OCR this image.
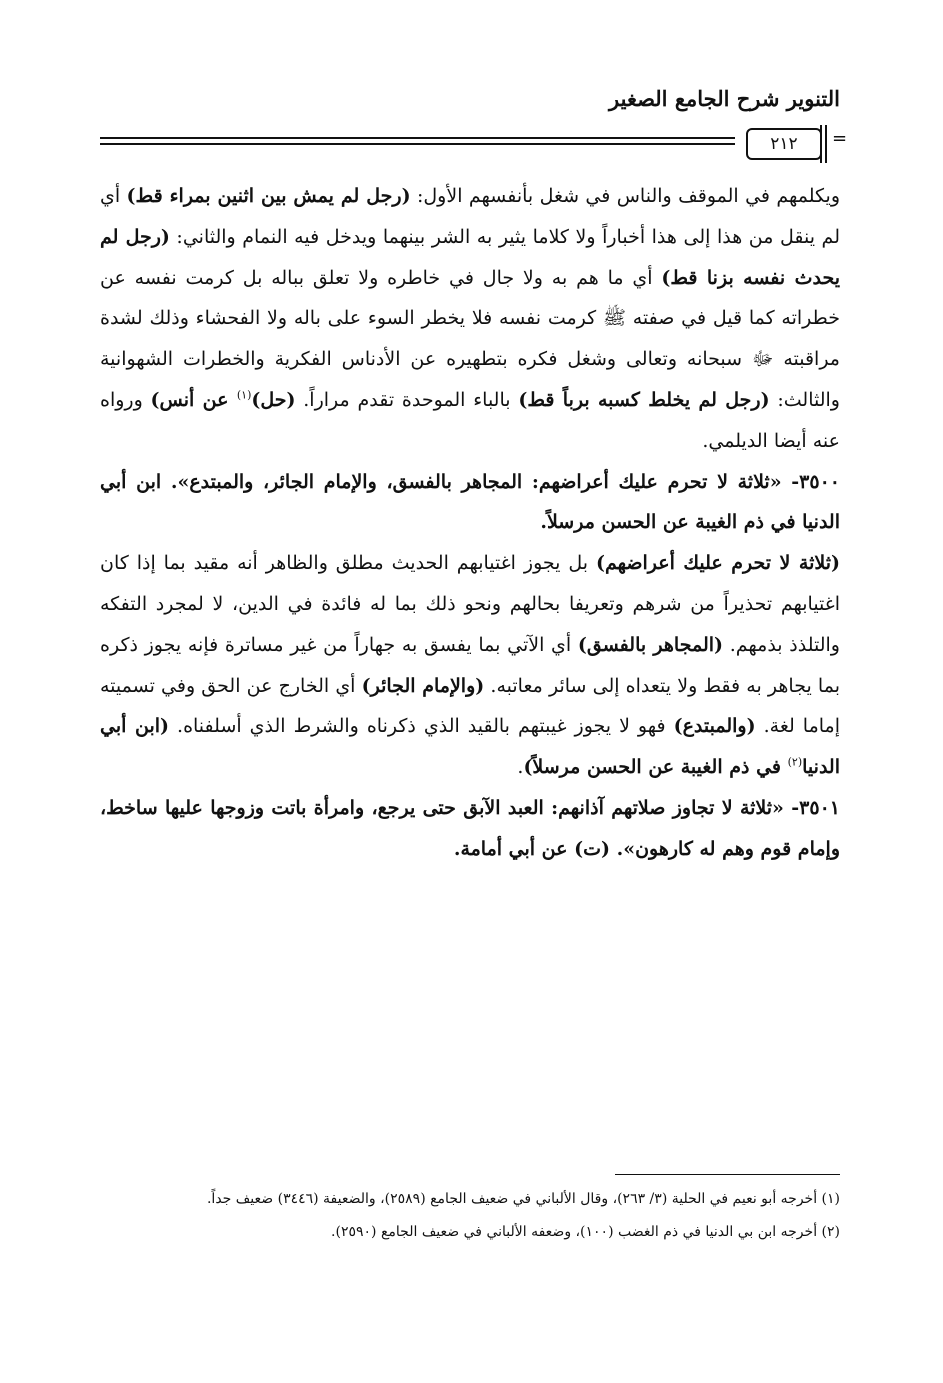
التنوير شرح الجامع الصغير
٢١٢ =

ويكلمهم في الموقف والناس في شغل بأنفسهم الأول: (رجل لم يمش بين اثنين بمراء قط) أي لم ينقل من هذا إلى هذا أخباراً ولا كلاما يثير به الشر بينهما ويدخل فيه النمام والثاني: (رجل لم يحدث نفسه بزنا قط) أي ما هم به ولا جال في خاطره ولا تعلق بباله بل كرمت نفسه عن خطراته كما قيل في صفته ﷺ كرمت نفسه فلا يخطر السوء على باله ولا الفحشاء وذلك لشدة مراقبته ﷻ سبحانه وتعالى وشغل فكره بتطهيره عن الأدناس الفكرية والخطرات الشهوانية والثالث: (رجل لم يخلط كسبه برباً قط) بالباء الموحدة تقدم مراراً. (حل)$^{(١)}$ عن أنس) ورواه عنه أيضا الديلمي.

٣٥٠٠- «ثلاثة لا تحرم عليك أعراضهم: المجاهر بالفسق، والإمام الجائر، والمبتدع». ابن أبي الدنيا في ذم الغيبة عن الحسن مرسلاً.

(ثلاثة لا تحرم عليك أعراضهم) بل يجوز اغتيابهم الحديث مطلق والظاهر أنه مقيد بما إذا كان اغتيابهم تحذيراً من شرهم وتعريفا بحالهم ونحو ذلك بما له فائدة في الدين، لا لمجرد التفكه والتلذذ بذمهم. (المجاهر بالفسق) أي الآتي بما يفسق به جهاراً من غير مساترة فإنه يجوز ذكره بما يجاهر به فقط ولا يتعداه إلى سائر معاتبه. (والإمام الجائر) أي الخارج عن الحق وفي تسميته إماما لغة. (والمبتدع) فهو لا يجوز غيبتهم بالقيد الذي ذكرناه والشرط الذي أسلفناه. (ابن أبي الدنيا$^{(٢)}$ في ذم الغيبة عن الحسن مرسلاً).

٣٥٠١- «ثلاثة لا تجاوز صلاتهم آذانهم: العبد الآبق حتى يرجع، وامرأة باتت وزوجها عليها ساخط، وإمام قوم وهم له كارهون». (ت) عن أبي أمامة.

(١) أخرجه أبو نعيم في الحلية (٣/ ٢٦٣)، وقال الألباني في ضعيف الجامع (٢٥٨٩)، والضعيفة (٣٤٤٦) ضعيف جداً.

(٢) أخرجه ابن بي الدنيا في ذم الغضب (١٠٠)، وضعفه الألباني في ضعيف الجامع (٢٥٩٠).
